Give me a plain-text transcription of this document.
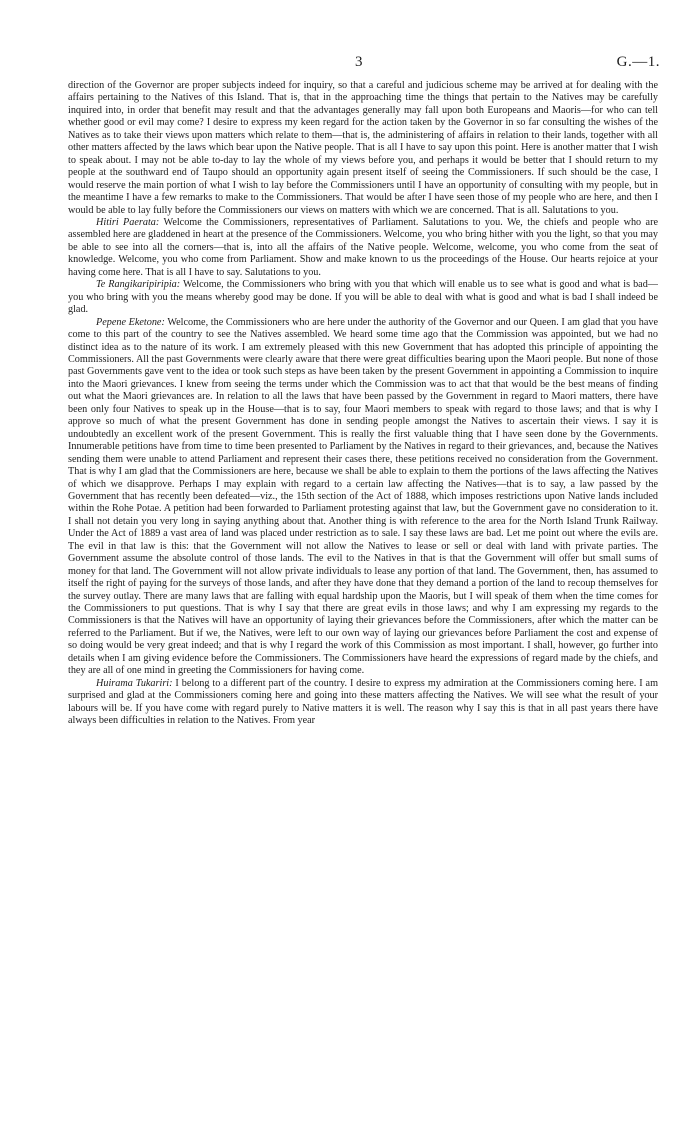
3	G.—1.

direction of the Governor are proper subjects indeed for inquiry, so that a careful and judicious scheme may be arrived at for dealing with the affairs pertaining to the Natives of this Island. That is, that in the approaching time the things that pertain to the Natives may be carefully inquired into, in order that benefit may result and that the advantages generally may fall upon both Europeans and Maoris—for who can tell whether good or evil may come? I desire to express my keen regard for the action taken by the Governor in so far consulting the wishes of the Natives as to take their views upon matters which relate to them—that is, the administering of affairs in relation to their lands, together with all other matters affected by the laws which bear upon the Native people. That is all I have to say upon this point. Here is another matter that I wish to speak about. I may not be able to-day to lay the whole of my views before you, and perhaps it would be better that I should return to my people at the southward end of Taupo should an opportunity again present itself of seeing the Commissioners. If such should be the case, I would reserve the main portion of what I wish to lay before the Commissioners until I have an opportunity of consulting with my people, but in the meantime I have a few remarks to make to the Commissioners. That would be after I have seen those of my people who are here, and then I would be able to lay fully before the Commissioners our views on matters with which we are concerned. That is all. Salutations to you.

Hitiri Paerata: Welcome the Commissioners, representatives of Parliament. Salutations to you. We, the chiefs and people who are assembled here are gladdened in heart at the presence of the Commissioners. Welcome, you who bring hither with you the light, so that you may be able to see into all the corners—that is, into all the affairs of the Native people. Welcome, welcome, you who come from the seat of knowledge. Welcome, you who come from Parliament. Show and make known to us the proceedings of the House. Our hearts rejoice at your having come here. That is all I have to say. Salutations to you.

Te Rangikaripiripia: Welcome, the Commissioners who bring with you that which will enable us to see what is good and what is bad—you who bring with you the means whereby good may be done. If you will be able to deal with what is good and what is bad I shall indeed be glad.

Pepene Eketone: Welcome, the Commissioners who are here under the authority of the Governor and our Queen. I am glad that you have come to this part of the country to see the Natives assembled. We heard some time ago that the Commission was appointed, but we had no distinct idea as to the nature of its work. I am extremely pleased with this new Government that has adopted this principle of appointing the Commissioners. All the past Governments were clearly aware that there were great difficulties bearing upon the Maori people. But none of those past Governments gave vent to the idea or took such steps as have been taken by the present Government in appointing a Commission to inquire into the Maori grievances. I knew from seeing the terms under which the Commission was to act that that would be the best means of finding out what the Maori grievances are. In relation to all the laws that have been passed by the Government in regard to Maori matters, there have been only four Natives to speak up in the House—that is to say, four Maori members to speak with regard to those laws; and that is why I approve so much of what the present Government has done in sending people amongst the Natives to ascertain their views. I say it is undoubtedly an excellent work of the present Government. This is really the first valuable thing that I have seen done by the Governments. Innumerable petitions have from time to time been presented to Parliament by the Natives in regard to their grievances, and, because the Natives sending them were unable to attend Parliament and represent their cases there, these petitions received no consideration from the Government. That is why I am glad that the Commissioners are here, because we shall be able to explain to them the portions of the laws affecting the Natives of which we disapprove. Perhaps I may explain with regard to a certain law affecting the Natives—that is to say, a law passed by the Government that has recently been defeated—viz., the 15th section of the Act of 1888, which imposes restrictions upon Native lands included within the Rohe Potae. A petition had been forwarded to Parliament protesting against that law, but the Government gave no consideration to it. I shall not detain you very long in saying anything about that. Another thing is with reference to the area for the North Island Trunk Railway. Under the Act of 1889 a vast area of land was placed under restriction as to sale. I say these laws are bad. Let me point out where the evils are. The evil in that law is this: that the Government will not allow the Natives to lease or sell or deal with land with private parties. The Government assume the absolute control of those lands. The evil to the Natives in that is that the Government will offer but small sums of money for that land. The Government will not allow private individuals to lease any portion of that land. The Government, then, has assumed to itself the right of paying for the surveys of those lands, and after they have done that they demand a portion of the land to recoup themselves for the survey outlay. There are many laws that are falling with equal hardship upon the Maoris, but I will speak of them when the time comes for the Commissioners to put questions. That is why I say that there are great evils in those laws; and why I am expressing my regards to the Commissioners is that the Natives will have an opportunity of laying their grievances before the Commissioners, after which the matter can be referred to the Parliament. But if we, the Natives, were left to our own way of laying our grievances before Parliament the cost and expense of so doing would be very great indeed; and that is why I regard the work of this Commission as most important. I shall, however, go further into details when I am giving evidence before the Commissioners. The Commissioners have heard the expressions of regard made by the chiefs, and they are all of one mind in greeting the Commissioners for having come.

Huirama Tukariri: I belong to a different part of the country. I desire to express my admiration at the Commissioners coming here. I am surprised and glad at the Commissioners coming here and going into these matters affecting the Natives. We will see what the result of your labours will be. If you have come with regard purely to Native matters it is well. The reason why I say this is that in all past years there have always been difficulties in relation to the Natives. From year
